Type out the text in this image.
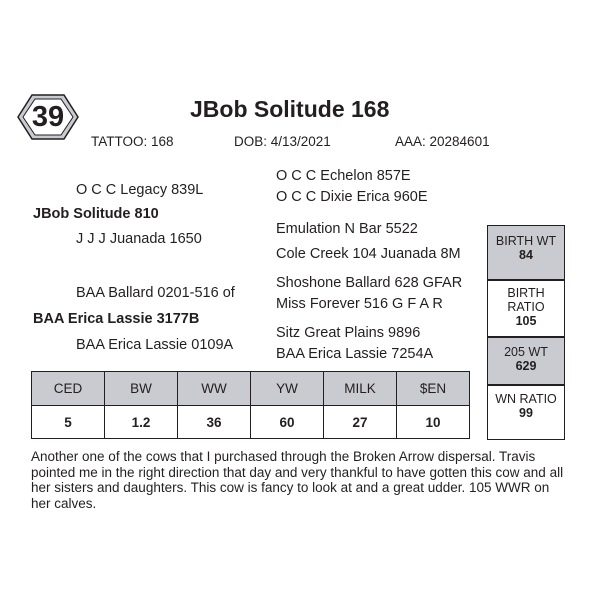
39	JBob Solitude 168
TATTOO: 168	DOB: 4/13/2021	AAA: 20284601
O C C Legacy 839L
JBob Solitude 810
J J J Juanada 1650
BAA Ballard 0201-516 of
BAA Erica Lassie 3177B
BAA Erica Lassie 0109A
O C C Echelon 857E
O C C Dixie Erica 960E
Emulation N Bar 5522
Cole Creek 104 Juanada 8M
Shoshone Ballard 628 GFAR
Miss Forever 516 G F A R
Sitz Great Plains 9896
BAA Erica Lassie 7254A
BIRTH WT
84
BIRTH
RATIO
105
205 WT
629
WN RATIO
99
CED	BW	WW	YW	MILK	$EN
5	1.2	36	60	27	10
Another one of the cows that I purchased through the Broken Arrow dispersal. Travis pointed me in the right direction that day and very thankful to have gotten this cow and all her sisters and daughters. This cow is fancy to look at and a great udder. 105 WWR on her calves.
